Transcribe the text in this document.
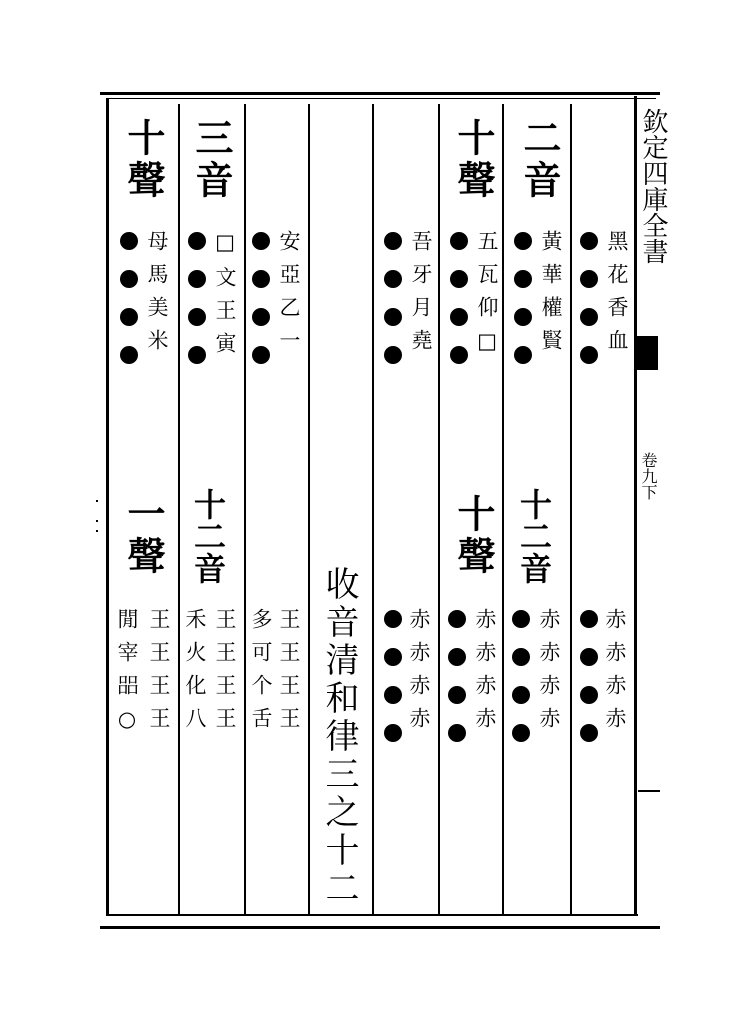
欽定四庫全書
卷九下
收音清和律三之十二
十聲
母馬美米
三音
□文王寅 安亞乙一	吾牙月堯
十聲
五瓦仰□
二音
黃華權賢 黑花香血
一聲
王王王王
閒宰㗊○
十二音
王王王王
禾火化八	王王王王
多可个舌	赤赤赤赤
十聲
赤赤赤赤
十二音
赤赤赤赤 赤赤赤赤
